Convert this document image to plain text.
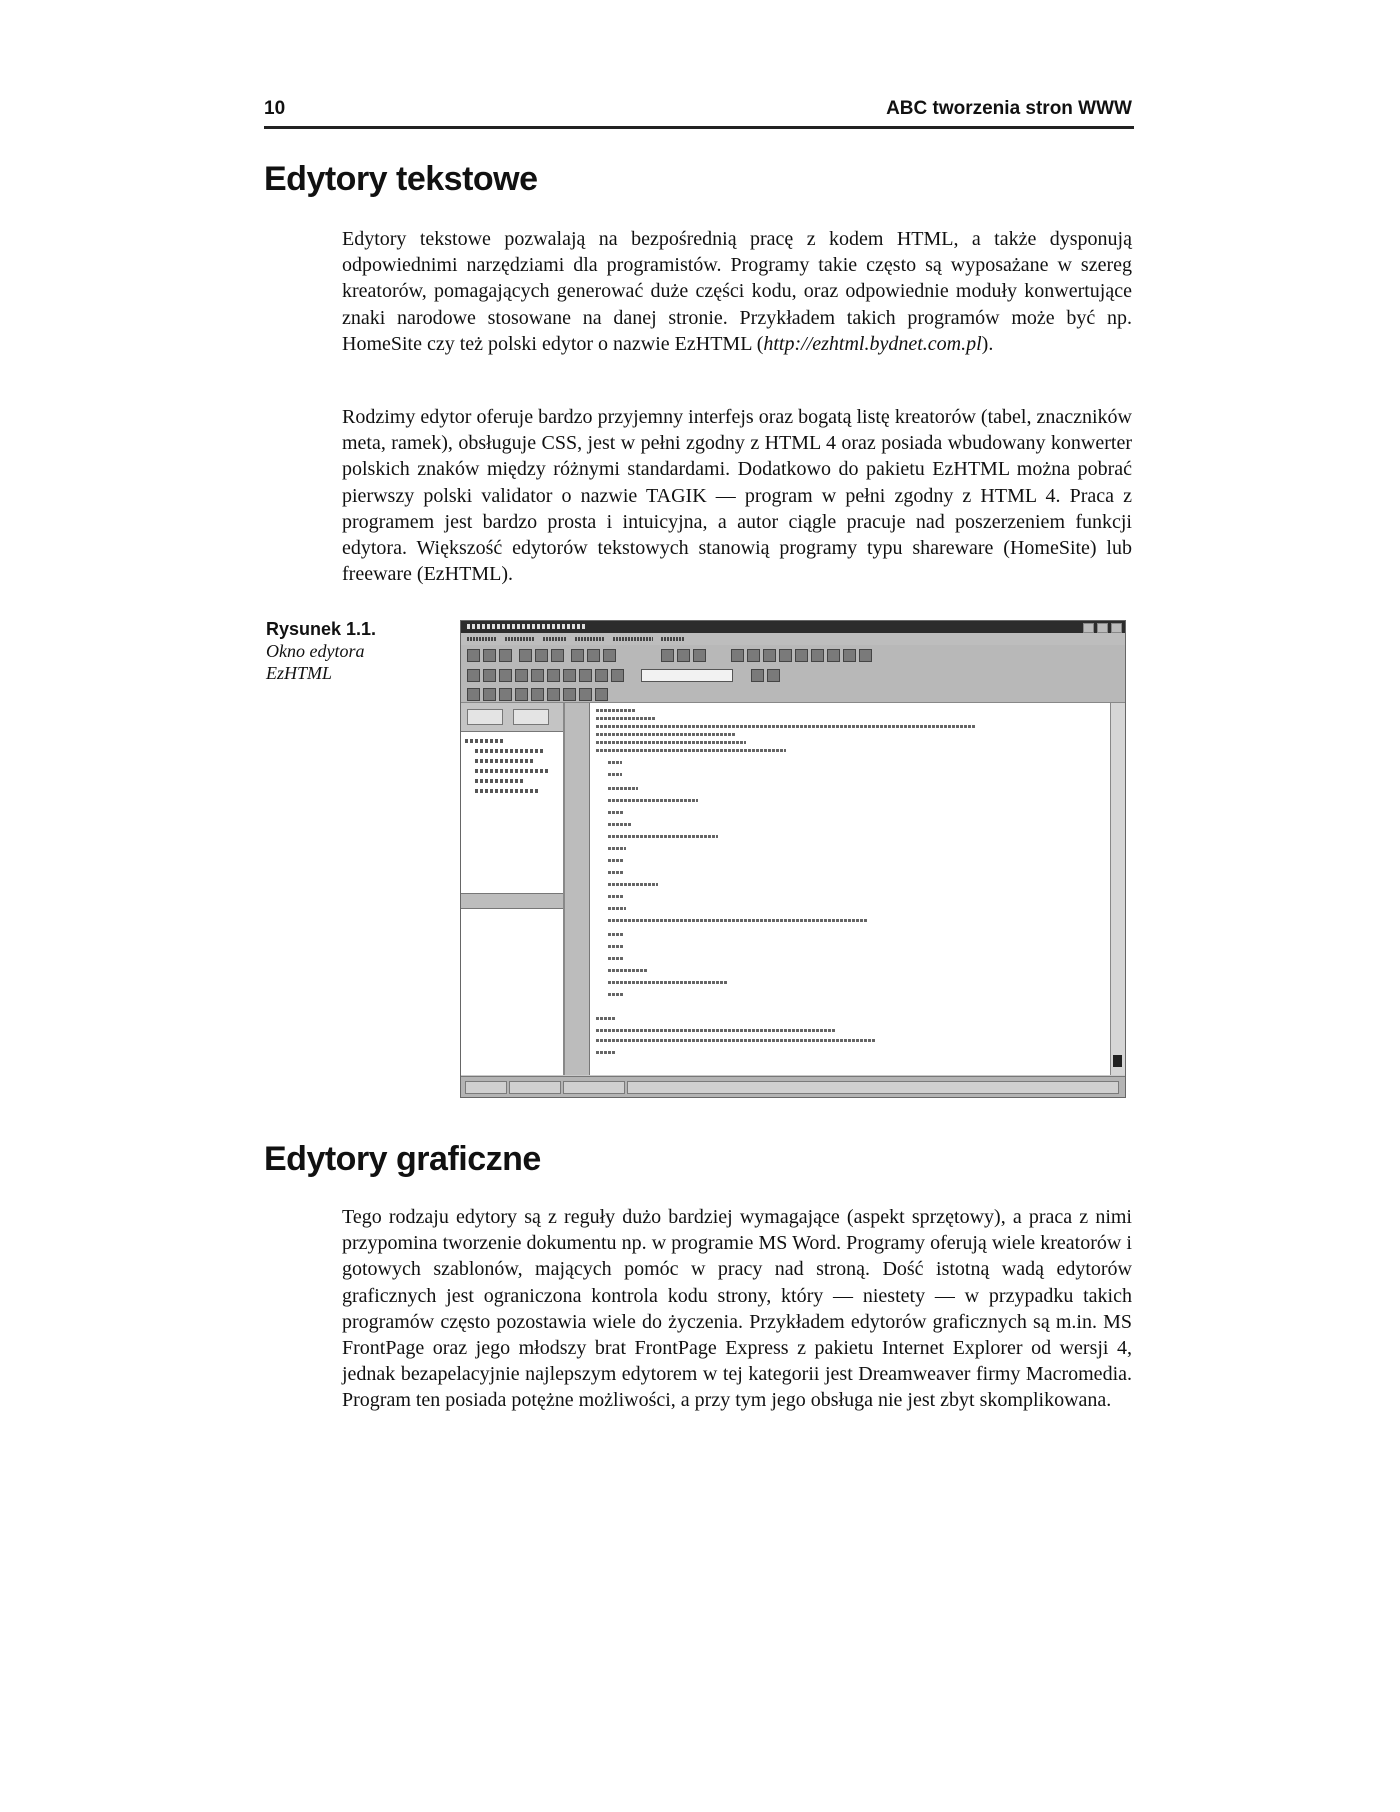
10	ABC tworzenia stron WWW
Edytory tekstowe

Edytory tekstowe pozwalają na bezpośrednią pracę z kodem HTML, a także dysponują odpowiednimi narzędziami dla programistów. Programy takie często są wyposażane w szereg kreatorów, pomagających generować duże części kodu, oraz odpowiednie moduły konwertujące znaki narodowe stosowane na danej stronie. Przykładem takich programów może być np. HomeSite czy też polski edytor o nazwie EzHTML (http://ezhtml.bydnet.com.pl).

Rodzimy edytor oferuje bardzo przyjemny interfejs oraz bogatą listę kreatorów (tabel, znaczników meta, ramek), obsługuje CSS, jest w pełni zgodny z HTML 4 oraz posiada wbudowany konwerter polskich znaków między różnymi standardami. Dodatkowo do pakietu EzHTML można pobrać pierwszy polski validator o nazwie TAGIK — program w pełni zgodny z HTML 4. Praca z programem jest bardzo prosta i intuicyjna, a autor ciągle pracuje nad poszerzeniem funkcji edytora. Większość edytorów tekstowych stanowią programy typu shareware (HomeSite) lub freeware (EzHTML).

Rysunek 1.1.
Okno edytora EzHTML
Edytory graficzne

Tego rodzaju edytory są z reguły dużo bardziej wymagające (aspekt sprzętowy), a praca z nimi przypomina tworzenie dokumentu np. w programie MS Word. Programy oferują wiele kreatorów i gotowych szablonów, mających pomóc w pracy nad stroną. Dość istotną wadą edytorów graficznych jest ograniczona kontrola kodu strony, który — niestety — w przypadku takich programów często pozostawia wiele do życzenia. Przykładem edytorów graficznych są m.in. MS FrontPage oraz jego młodszy brat FrontPage Express z pakietu Internet Explorer od wersji 4, jednak bezapelacyjnie najlepszym edytorem w tej kategorii jest Dreamweaver firmy Macromedia. Program ten posiada potężne możliwości, a przy tym jego obsługa nie jest zbyt skomplikowana.
